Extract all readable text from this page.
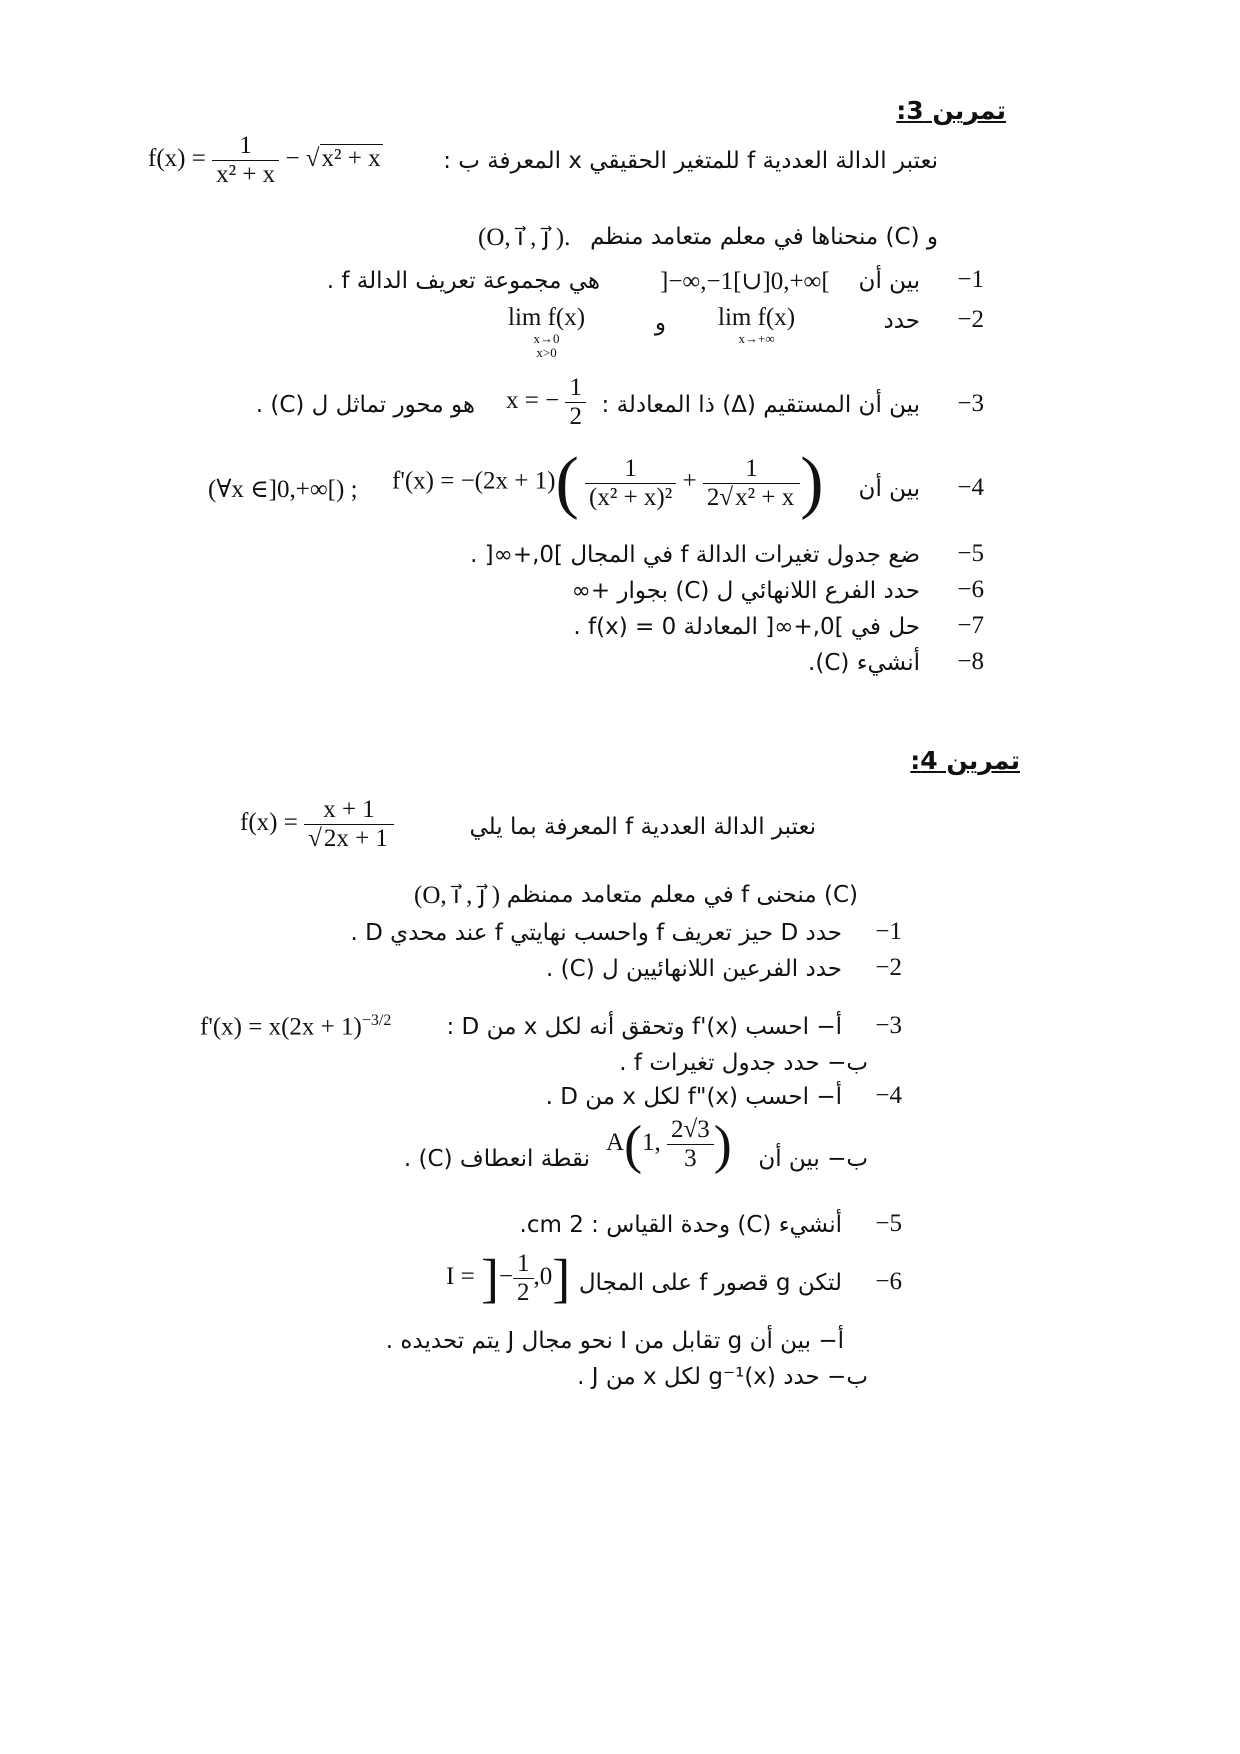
تمرين 3:
نعتبر الدالة العددية f للمتغير الحقيقي x المعرفة ب :
$f(x) = \frac{1}{\text{x² + x}} - √x^2 + x$
و (C) منحناها في معلم متعامد منظم
(O, i⃗ , j⃗ ).
−1
بين أن
]−∞,−1[∪]0,+∞[
هي مجموعة تعريف الدالة f .
−2
حدد
lim f(x)
x→+∞
و
lim f(x)
x→0
x>0
−3
بين أن المستقيم (Δ) ذا المعادلة :
x = − $\frac{1}{2}$
هو محور تماثل ل (C) .
−4
بين أن
(∀x ∈]0,+∞[) ; $f'(x) = -(2x + 1)( \frac{1}{\text{(x² + x)²}} + \frac{1}{\text{2√x² + x}}$ )
−5
ضع جدول تغيرات الدالة f في المجال ]0,+∞[ .
−6
حدد الفرع اللانهائي ل (C) بجوار +∞
−7
حل في ]0,+∞[ المعادلة f(x) = 0 .
−8
أنشيء (C).
تمرين 4:
نعتبر الدالة العددية f المعرفة بما يلي
$f(x) = \frac{x + 1}{√2x + 1}$
(C) منحنى f في معلم متعامد ممنظم
(O, i⃗ , j⃗ )
−1
حدد D حيز تعريف f واحسب نهايتي f عند محدي D .
−2
حدد الفرعين اللانهائيين ل (C) .
−3
أ− احسب f'(x) وتحقق أنه لكل x من D :
$f'(x) = x(2x + 1)^{-3/2}$
ب− حدد جدول تغيرات f .
−4
أ− احسب f"(x) لكل x من D .
ب− بين أن
A(1, $\frac{2√3}{3}$ )
نقطة انعطاف (C) .
−5
أنشيء (C) وحدة القياس : 2 cm.
−6
لتكن g قصور f على المجال
I = ]− $\frac{1}{2} ,0$]
أ− بين أن g تقابل من I نحو مجال J يتم تحديده .
ب− حدد g⁻¹(x) لكل x من J .
